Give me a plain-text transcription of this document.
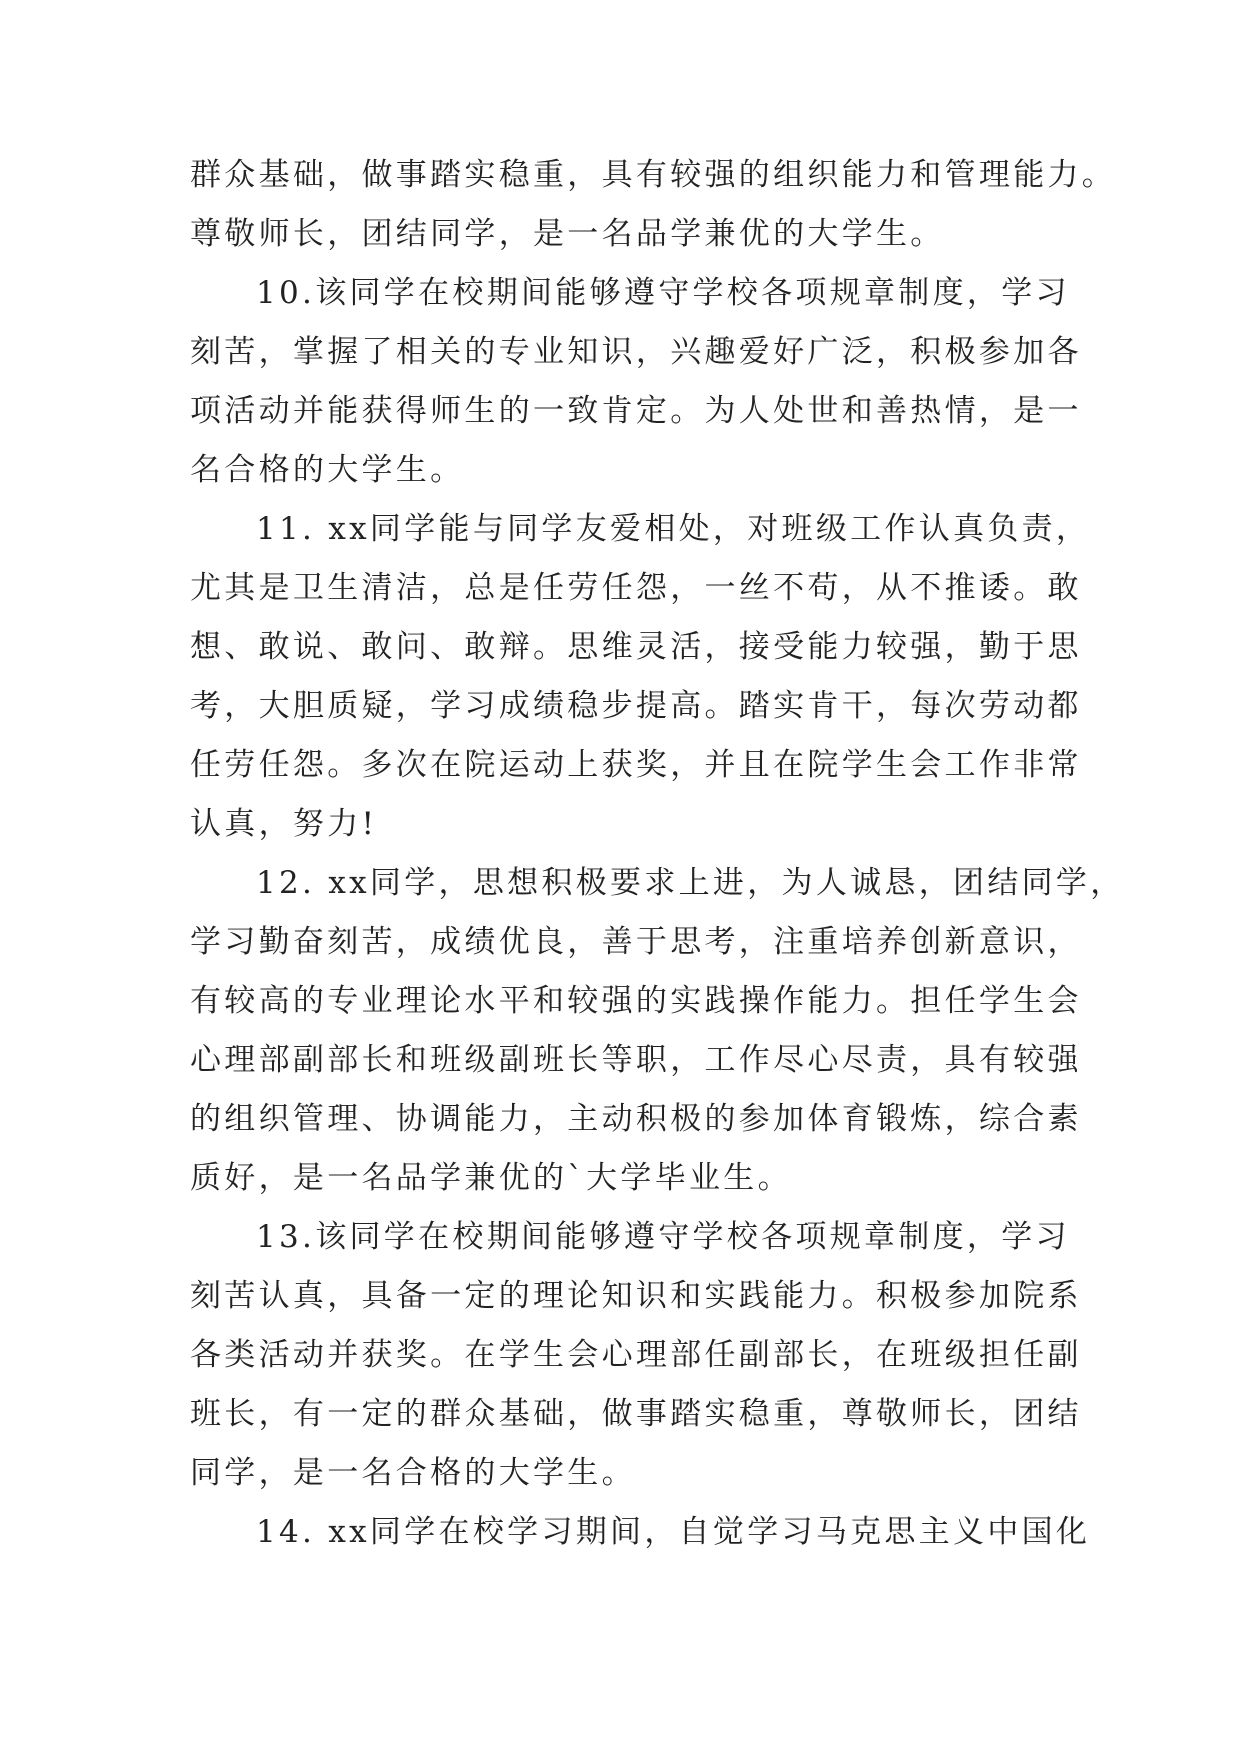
群众基础，做事踏实稳重，具有较强的组织能力和管理能力。
尊敬师长，团结同学，是一名品学兼优的大学生。
10.该同学在校期间能够遵守学校各项规章制度，学习
刻苦，掌握了相关的专业知识，兴趣爱好广泛，积极参加各
项活动并能获得师生的一致肯定。为人处世和善热情，是一
名合格的大学生。
11. xx同学能与同学友爱相处，对班级工作认真负责，
尤其是卫生清洁，总是任劳任怨，一丝不苟，从不推诿。敢
想、敢说、敢问、敢辩。思维灵活，接受能力较强，勤于思
考，大胆质疑，学习成绩稳步提高。踏实肯干，每次劳动都
任劳任怨。多次在院运动上获奖，并且在院学生会工作非常
认真，努力!
12. xx同学，思想积极要求上进，为人诚恳，团结同学，
学习勤奋刻苦，成绩优良，善于思考，注重培养创新意识，
有较高的专业理论水平和较强的实践操作能力。担任学生会
心理部副部长和班级副班长等职，工作尽心尽责，具有较强
的组织管理、协调能力，主动积极的参加体育锻炼，综合素
质好，是一名品学兼优的`大学毕业生。
13.该同学在校期间能够遵守学校各项规章制度，学习
刻苦认真，具备一定的理论知识和实践能力。积极参加院系
各类活动并获奖。在学生会心理部任副部长，在班级担任副
班长，有一定的群众基础，做事踏实稳重，尊敬师长，团结
同学，是一名合格的大学生。
14. xx同学在校学习期间，自觉学习马克思主义中国化
